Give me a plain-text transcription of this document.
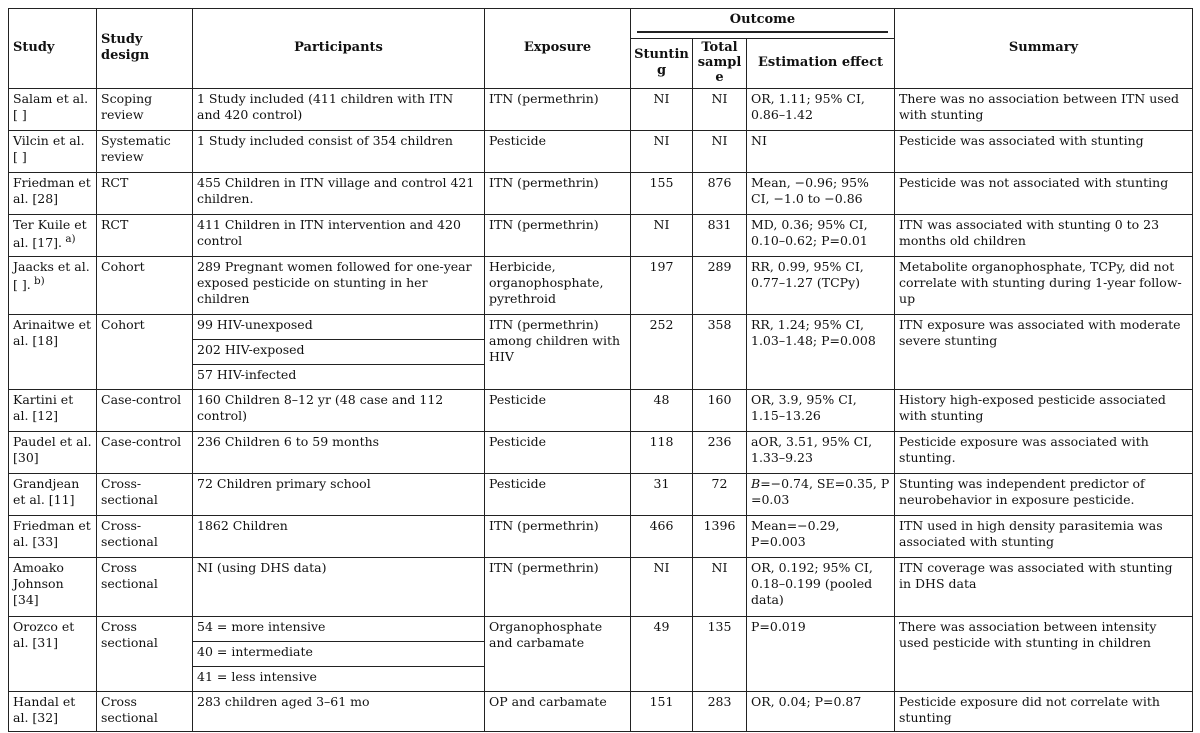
Study	Study design	Participants	Exposure	Outcome			Summary
				Stunting	Total sample	Estimation effect	
Salam et al. [ ]	Scoping review	1 Study included (411 children with ITN and 420 control)	ITN (permethrin)	NI	NI	OR, 1.11; 95% CI, 0.86–1.42	There was no association between ITN used with stunting
Vilcin et al. [ ]	Systematic review	1 Study included consist of 354 children	Pesticide	NI	NI	NI	Pesticide was associated with stunting
Friedman et al. [28]	RCT	455 Children in ITN village and control 421 children.	ITN (permethrin)	155	876	Mean, −0.96; 95% CI, −1.0 to −0.86	Pesticide was not associated with stunting
Ter Kuile et al. [17]. $^{a)}$	RCT	411 Children in ITN intervention and 420 control	ITN (permethrin)	NI	831	MD, 0.36; 95% CI, 0.10–0.62; P=0.01	ITN was associated with stunting 0 to 23 months old children
Jaacks et al. [ ]. $^{b)}$	Cohort	289 Pregnant women followed for one-year exposed pesticide on stunting in her children	Herbicide, organophosphate, pyrethroid	197	289	RR, 0.99, 95% CI, 0.77–1.27 (TCPy)	Metabolite organophosphate, TCPy, did not correlate with stunting during 1-year follow-up
Arinaitwe et al. [18]	Cohort	99 HIV-unexposed	ITN (permethrin) among children with HIV	252	358	RR, 1.24; 95% CI, 1.03–1.48; P=0.008	ITN exposure was associated with moderate severe stunting
		202 HIV-exposed					
		57 HIV-infected					
Kartini et al. [12]	Case-control	160 Children 8–12 yr (48 case and 112 control)	Pesticide	48	160	OR, 3.9, 95% CI, 1.15–13.26	History high-exposed pesticide associated with stunting
Paudel et al. [30]	Case-control	236 Children 6 to 59 months	Pesticide	118	236	aOR, 3.51, 95% CI, 1.33–9.23	Pesticide exposure was associated with stunting.
Grandjean et al. [11]	Cross-sectional	72 Children primary school	Pesticide	31	72	B=−0.74, SE=0.35, P =0.03	Stunting was independent predictor of neurobehavior in exposure pesticide.
Friedman et al. [33]	Cross-sectional	1862 Children	ITN (permethrin)	466	1396	Mean=−0.29, P=0.003	ITN used in high density parasitemia was associated with stunting
Amoako Johnson [34]	Cross sectional	NI (using DHS data)	ITN (permethrin)	NI	NI	OR, 0.192; 95% CI, 0.18–0.199 (pooled data)	ITN coverage was associated with stunting in DHS data
Orozco et al. [31]	Cross sectional	54 = more intensive	Organophosphate and carbamate	49	135	P=0.019	There was association between intensity used pesticide with stunting in children
		40 = intermediate					
		41 = less intensive					
Handal et al. [32]	Cross sectional	283 children aged 3–61 mo	OP and carbamate	151	283	OR, 0.04; P=0.87	Pesticide exposure did not correlate with stunting
